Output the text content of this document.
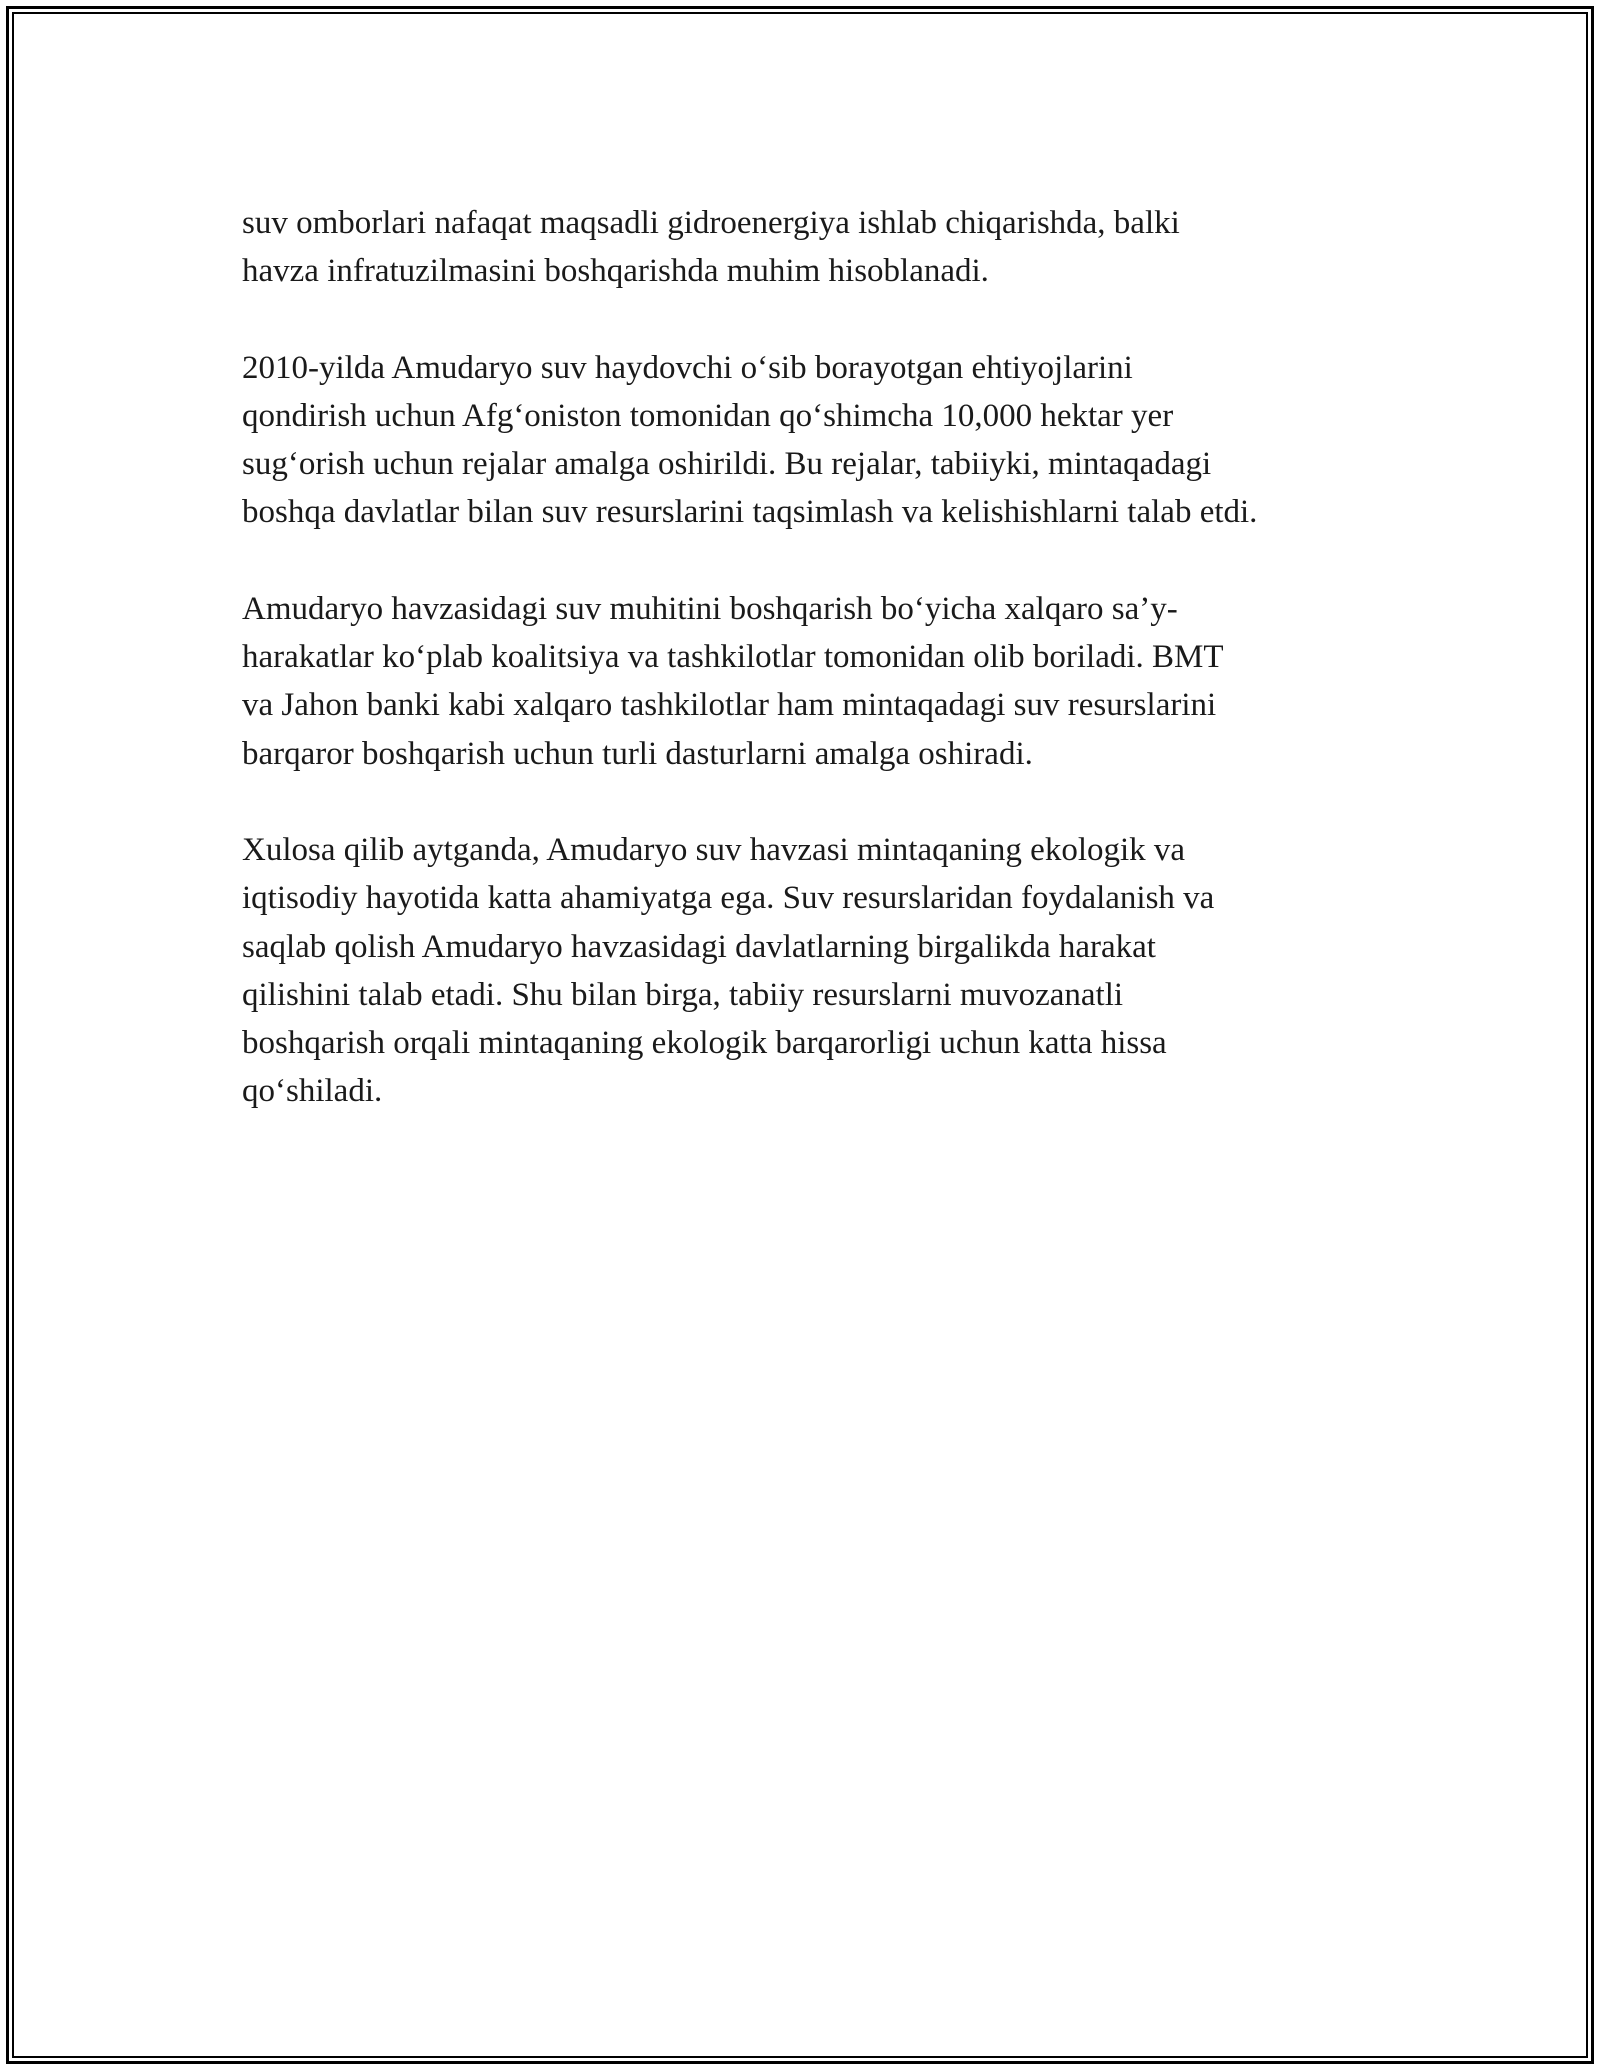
suv omborlari nafaqat maqsadli gidroenergiya ishlab chiqarishda, balki
havza infratuzilmasini boshqarishda muhim hisoblanadi.

2010-yilda Amudaryo suv haydovchi o‘sib borayotgan ehtiyojlarini
qondirish uchun Afg‘oniston tomonidan qo‘shimcha 10,000 hektar yer
sug‘orish uchun rejalar amalga oshirildi. Bu rejalar, tabiiyki, mintaqadagi
boshqa davlatlar bilan suv resurslarini taqsimlash va kelishishlarni talab etdi.

Amudaryo havzasidagi suv muhitini boshqarish bo‘yicha xalqaro sa’y-
harakatlar ko‘plab koalitsiya va tashkilotlar tomonidan olib boriladi. BMT
va Jahon banki kabi xalqaro tashkilotlar ham mintaqadagi suv resurslarini
barqaror boshqarish uchun turli dasturlarni amalga oshiradi.

Xulosa qilib aytganda, Amudaryo suv havzasi mintaqaning ekologik va
iqtisodiy hayotida katta ahamiyatga ega. Suv resurslaridan foydalanish va
saqlab qolish Amudaryo havzasidagi davlatlarning birgalikda harakat
qilishini talab etadi. Shu bilan birga, tabiiy resurslarni muvozanatli
boshqarish orqali mintaqaning ekologik barqarorligi uchun katta hissa
qo‘shiladi.
